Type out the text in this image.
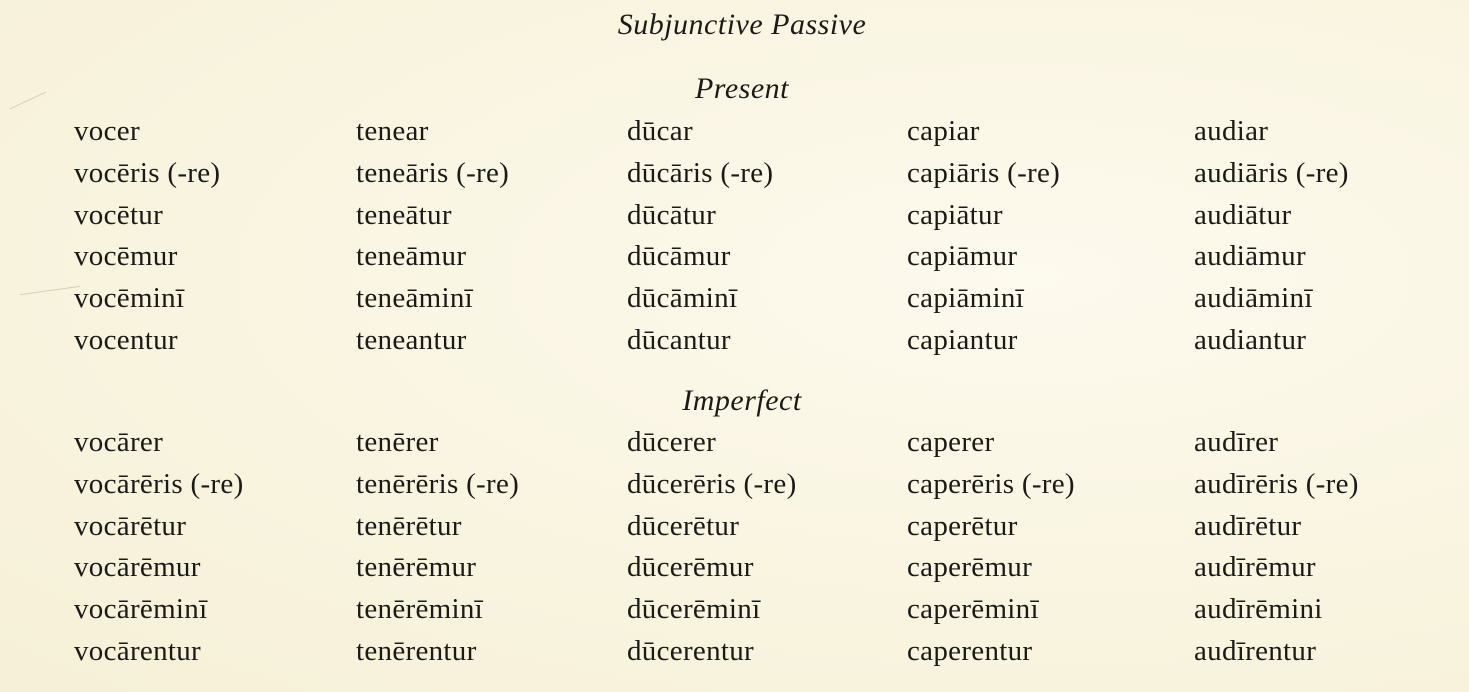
Subjunctive Passive
Present
Imperfect
vocer
vocēris (-re)
vocētur
vocēmur
vocēminī
vocentur
tenear
teneāris (-re)
teneātur
teneāmur
teneāminī
teneantur
dūcar
dūcāris (-re)
dūcātur
dūcāmur
dūcāminī
dūcantur
capiar
capiāris (-re)
capiātur
capiāmur
capiāminī
capiantur
audiar
audiāris (-re)
audiātur
audiāmur
audiāminī
audiantur
vocārer
vocārēris (-re)
vocārētur
vocārēmur
vocārēminī
vocārentur
tenērer
tenērēris (-re)
tenērētur
tenērēmur
tenērēminī
tenērentur
dūcerer
dūcerēris (-re)
dūcerētur
dūcerēmur
dūcerēminī
dūcerentur
caperer
caperēris (-re)
caperētur
caperēmur
caperēminī
caperentur
audīrer
audīrēris (-re)
audīrētur
audīrēmur
audīrēmini
audīrentur
